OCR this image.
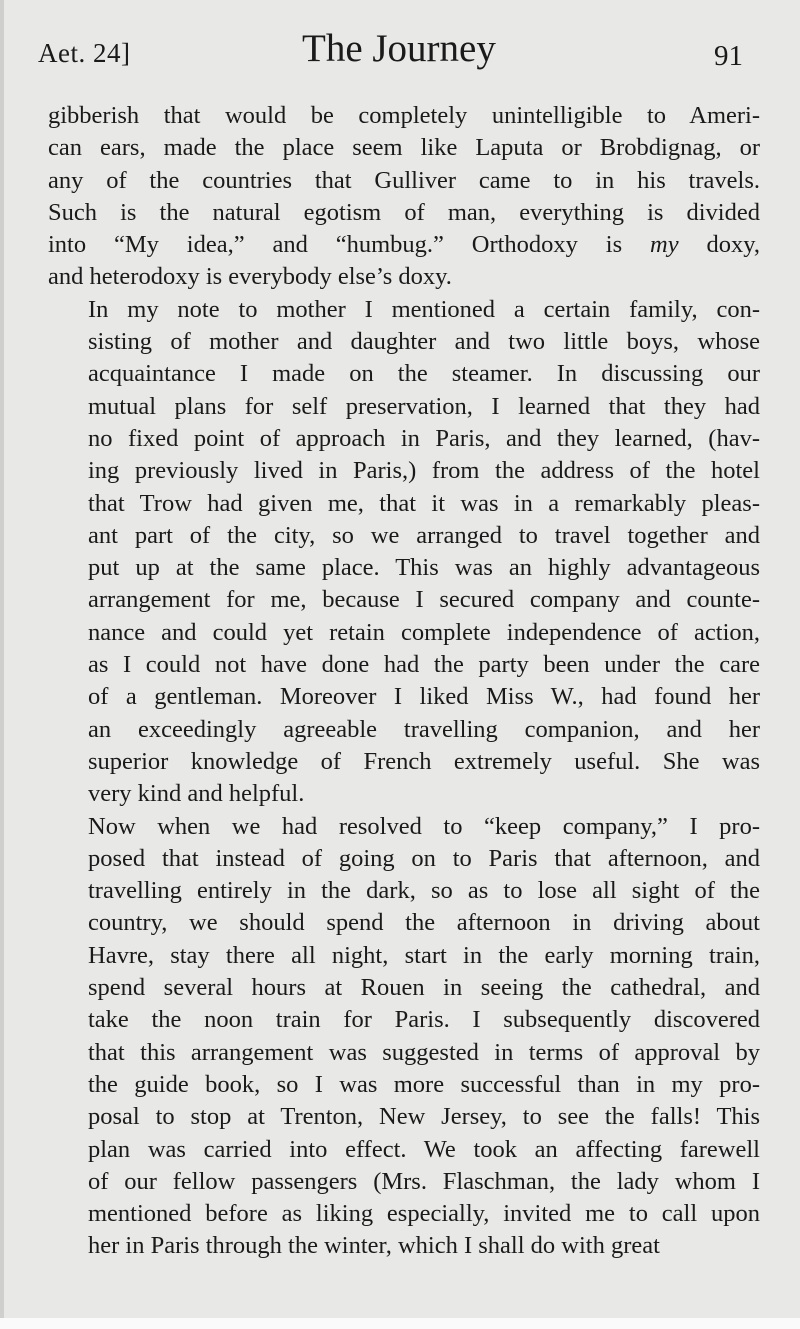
Aet. 24]	The Journey	91
gibberish that would be completely unintelligible to Ameri-
can ears, made the place seem like Laputa or Brobdignag, or
any of the countries that Gulliver came to in his travels.
Such is the natural egotism of man, everything is divided
into “My idea,” and “humbug.” Orthodoxy is my doxy,
and heterodoxy is everybody else’s doxy.
In my note to mother I mentioned a certain family, con-
sisting of mother and daughter and two little boys, whose
acquaintance I made on the steamer. In discussing our
mutual plans for self preservation, I learned that they had
no fixed point of approach in Paris, and they learned, (hav-
ing previously lived in Paris,) from the address of the hotel
that Trow had given me, that it was in a remarkably pleas-
ant part of the city, so we arranged to travel together and
put up at the same place. This was an highly advantageous
arrangement for me, because I secured company and counte-
nance and could yet retain complete independence of action,
as I could not have done had the party been under the care
of a gentleman. Moreover I liked Miss W., had found her
an exceedingly agreeable travelling companion, and her
superior knowledge of French extremely useful. She was
very kind and helpful.
Now when we had resolved to “keep company,” I pro-
posed that instead of going on to Paris that afternoon, and
travelling entirely in the dark, so as to lose all sight of the
country, we should spend the afternoon in driving about
Havre, stay there all night, start in the early morning train,
spend several hours at Rouen in seeing the cathedral, and
take the noon train for Paris. I subsequently discovered
that this arrangement was suggested in terms of approval by
the guide book, so I was more successful than in my pro-
posal to stop at Trenton, New Jersey, to see the falls! This
plan was carried into effect. We took an affecting farewell
of our fellow passengers (Mrs. Flaschman, the lady whom I
mentioned before as liking especially, invited me to call upon
her in Paris through the winter, which I shall do with great
